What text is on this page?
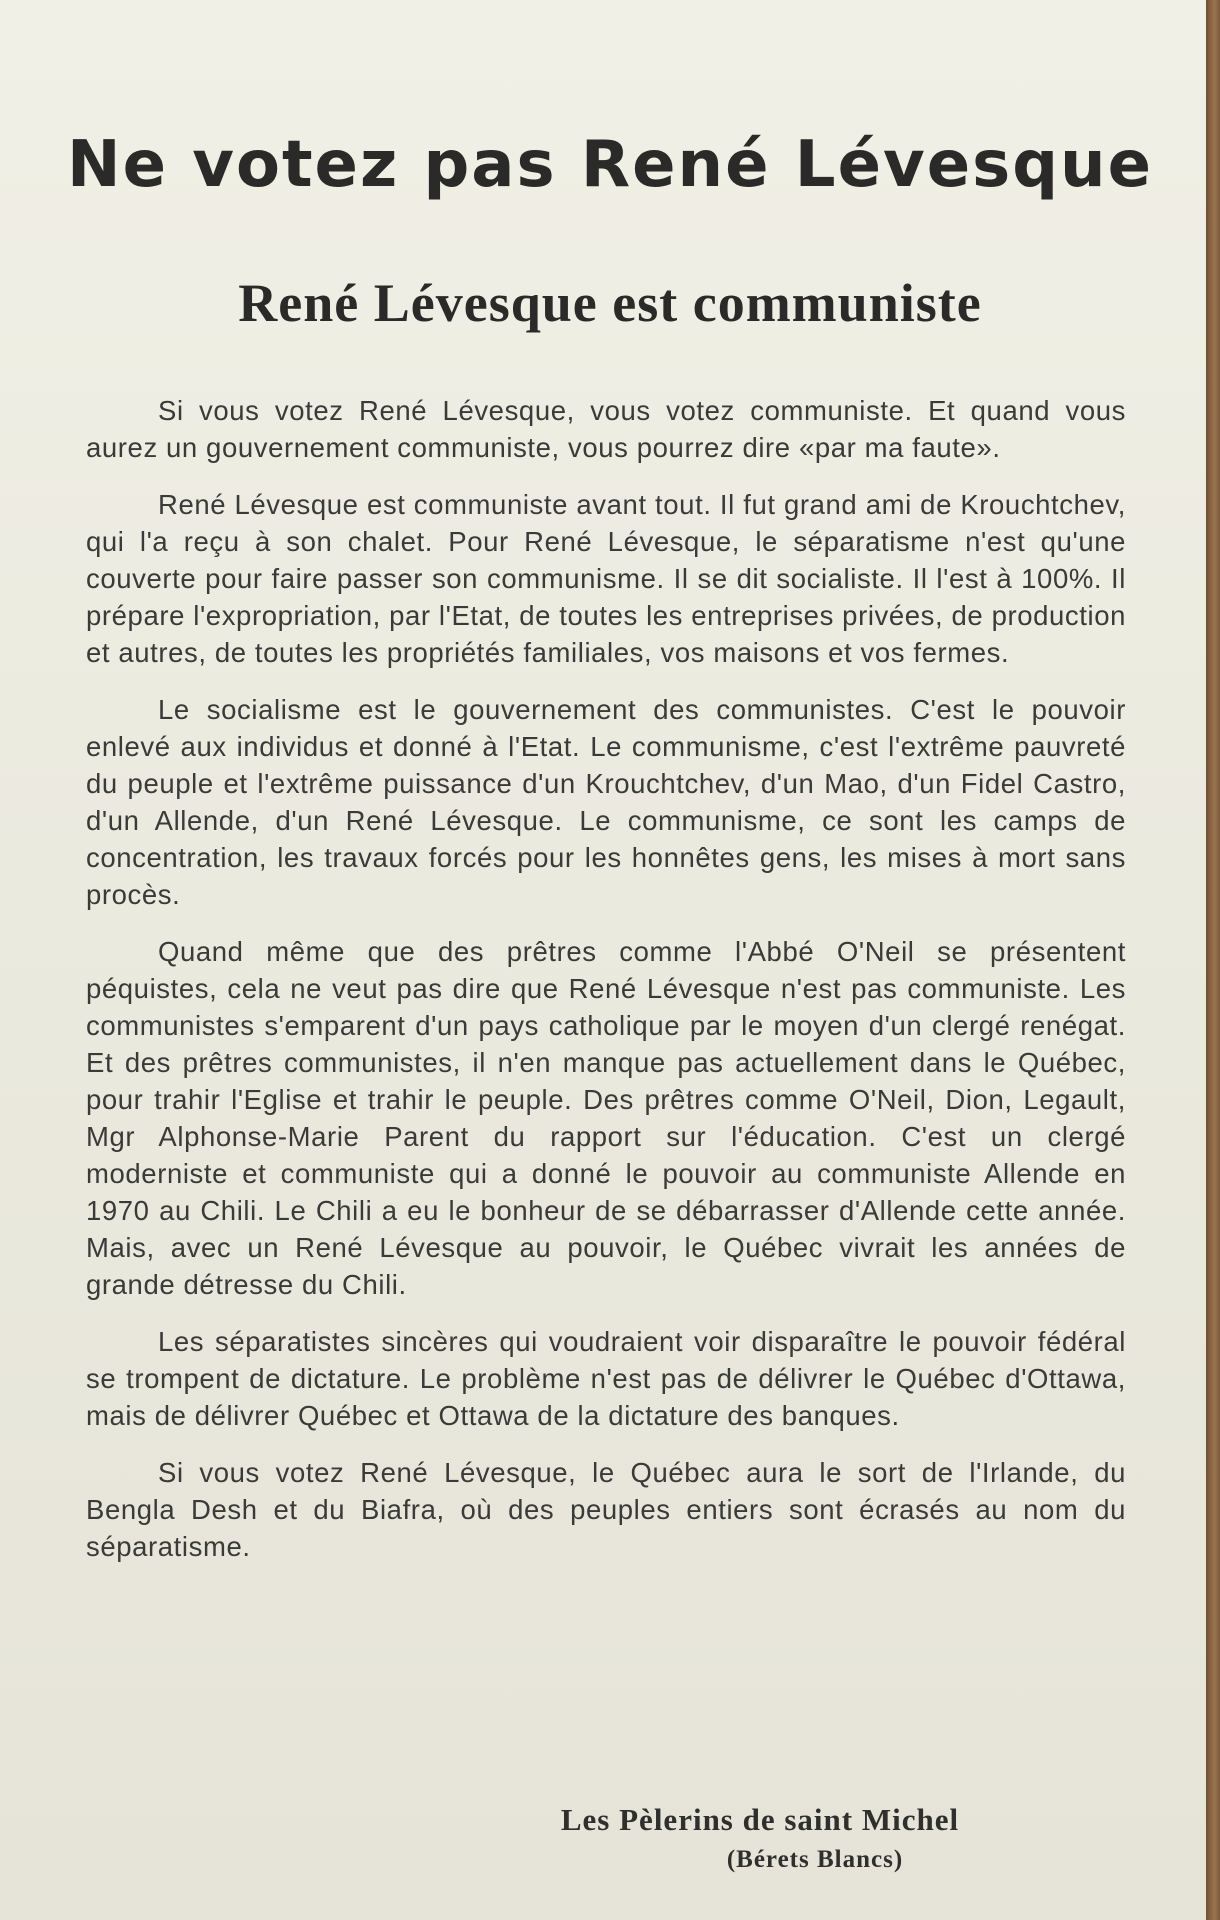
Ne votez pas René Lévesque
René Lévesque est communiste

Si vous votez René Lévesque, vous votez communiste. Et quand vous aurez un gouvernement communiste, vous pourrez dire «par ma faute».

René Lévesque est communiste avant tout. Il fut grand ami de Krouchtchev, qui l'a reçu à son chalet. Pour René Lévesque, le séparatisme n'est qu'une couverte pour faire passer son communisme. Il se dit socialiste. Il l'est à 100%. Il prépare l'expropriation, par l'Etat, de toutes les entreprises privées, de production et autres, de toutes les propriétés familiales, vos maisons et vos fermes.

Le socialisme est le gouvernement des communistes. C'est le pouvoir enlevé aux individus et donné à l'Etat. Le communisme, c'est l'extrême pauvreté du peuple et l'extrême puissance d'un Krouchtchev, d'un Mao, d'un Fidel Castro, d'un Allende, d'un René Lévesque. Le communisme, ce sont les camps de concentration, les travaux forcés pour les honnêtes gens, les mises à mort sans procès.

Quand même que des prêtres comme l'Abbé O'Neil se présentent péquistes, cela ne veut pas dire que René Lévesque n'est pas communiste. Les communistes s'emparent d'un pays catholique par le moyen d'un clergé renégat. Et des prêtres communistes, il n'en manque pas actuellement dans le Québec, pour trahir l'Eglise et trahir le peuple. Des prêtres comme O'Neil, Dion, Legault, Mgr Alphonse-Marie Parent du rapport sur l'éducation. C'est un clergé moderniste et communiste qui a donné le pouvoir au communiste Allende en 1970 au Chili. Le Chili a eu le bonheur de se débarrasser d'Allende cette année. Mais, avec un René Lévesque au pouvoir, le Québec vivrait les années de grande détresse du Chili.

Les séparatistes sincères qui voudraient voir disparaître le pouvoir fédéral se trompent de dictature. Le problème n'est pas de délivrer le Québec d'Ottawa, mais de délivrer Québec et Ottawa de la dictature des banques.

Si vous votez René Lévesque, le Québec aura le sort de l'Irlande, du Bengla Desh et du Biafra, où des peuples entiers sont écrasés au nom du séparatisme.

Les Pèlerins de saint Michel
(Bérets Blancs)
